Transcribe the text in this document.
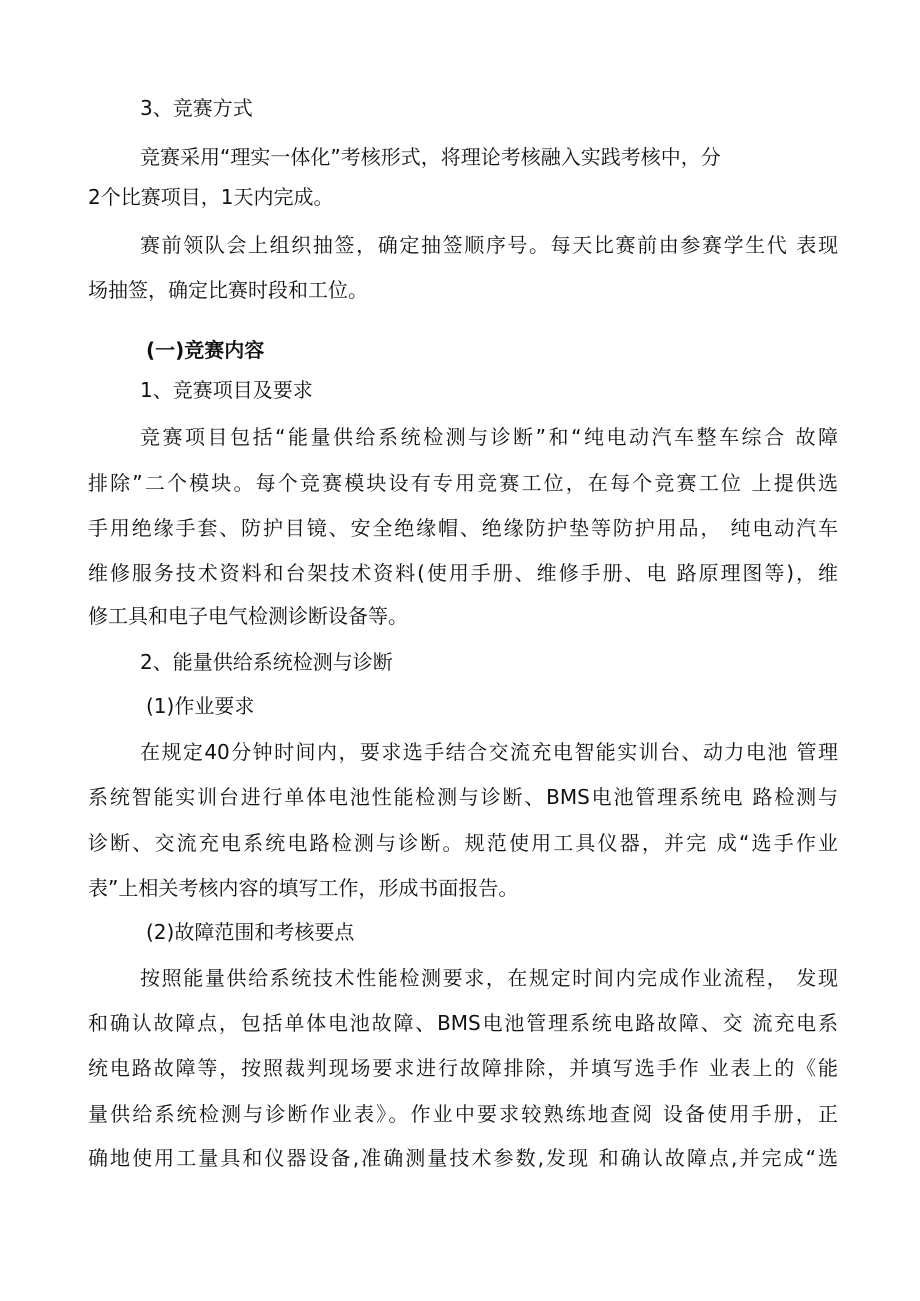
3、竞赛方式
竞赛采用“理实一体化”考核形式，将理论考核融入实践考核中，分
2个比赛项目，1天内完成。
赛前领队会上组织抽签，确定抽签顺序号。每天比赛前由参赛学生代 表现
场抽签，确定比赛时段和工位。
(一)竞赛内容
1、竞赛项目及要求
竞赛项目包括“能量供给系统检测与诊断”和“纯电动汽车整车综合 故障
排除”二个模块。每个竞赛模块设有专用竞赛工位，在每个竞赛工位 上提供选
手用绝缘手套、防护目镜、安全绝缘帽、绝缘防护垫等防护用品， 纯电动汽车
维修服务技术资料和台架技术资料(使用手册、维修手册、电 路原理图等)，维
修工具和电子电气检测诊断设备等。
2、能量供给系统检测与诊断
(1)作业要求
在规定40分钟时间内，要求选手结合交流充电智能实训台、动力电池 管理
系统智能实训台进行单体电池性能检测与诊断、BMS电池管理系统电 路检测与
诊断、交流充电系统电路检测与诊断。规范使用工具仪器，并完 成“选手作业
表”上相关考核内容的填写工作，形成书面报告。
(2)故障范围和考核要点
按照能量供给系统技术性能检测要求，在规定时间内完成作业流程， 发现
和确认故障点，包括单体电池故障、BMS电池管理系统电路故障、交 流充电系
统电路故障等，按照裁判现场要求进行故障排除，并填写选手作 业表上的《能
量供给系统检测与诊断作业表》。作业中要求较熟练地查阅 设备使用手册，正
确地使用工量具和仪器设备,准确测量技术参数,发现 和确认故障点,并完成“选
